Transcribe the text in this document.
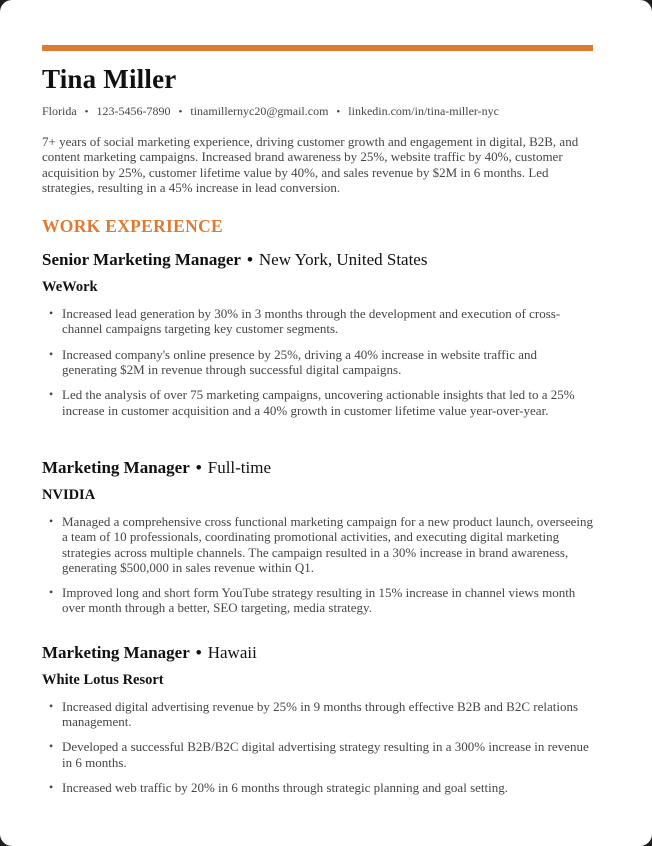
Tina Miller
Florida • 123-5456-7890 • tinamillernyc20@gmail.com • linkedin.com/in/tina-miller-nyc

7+ years of social marketing experience, driving customer growth and engagement in digital, B2B, and content marketing campaigns. Increased brand awareness by 25%, website traffic by 40%, customer acquisition by 25%, customer lifetime value by 40%, and sales revenue by $2M in 6 months. Led strategies, resulting in a 45% increase in lead conversion.

WORK EXPERIENCE
Senior Marketing Manager • New York, United States
WeWork
• Increased lead generation by 30% in 3 months through the development and execution of cross-channel campaigns targeting key customer segments.
• Increased company's online presence by 25%, driving a 40% increase in website traffic and generating $2M in revenue through successful digital campaigns.
• Led the analysis of over 75 marketing campaigns, uncovering actionable insights that led to a 25% increase in customer acquisition and a 40% growth in customer lifetime value year-over-year.
Marketing Manager • Full-time
NVIDIA
• Managed a comprehensive cross functional marketing campaign for a new product launch, overseeing a team of 10 professionals, coordinating promotional activities, and executing digital marketing strategies across multiple channels. The campaign resulted in a 30% increase in brand awareness, generating $500,000 in sales revenue within Q1.
• Improved long and short form YouTube strategy resulting in 15% increase in channel views month over month through a better, SEO targeting, media strategy.
Marketing Manager • Hawaii
White Lotus Resort
• Increased digital advertising revenue by 25% in 9 months through effective B2B and B2C relations management.
• Developed a successful B2B/B2C digital advertising strategy resulting in a 300% increase in revenue in 6 months.
• Increased web traffic by 20% in 6 months through strategic planning and goal setting.
